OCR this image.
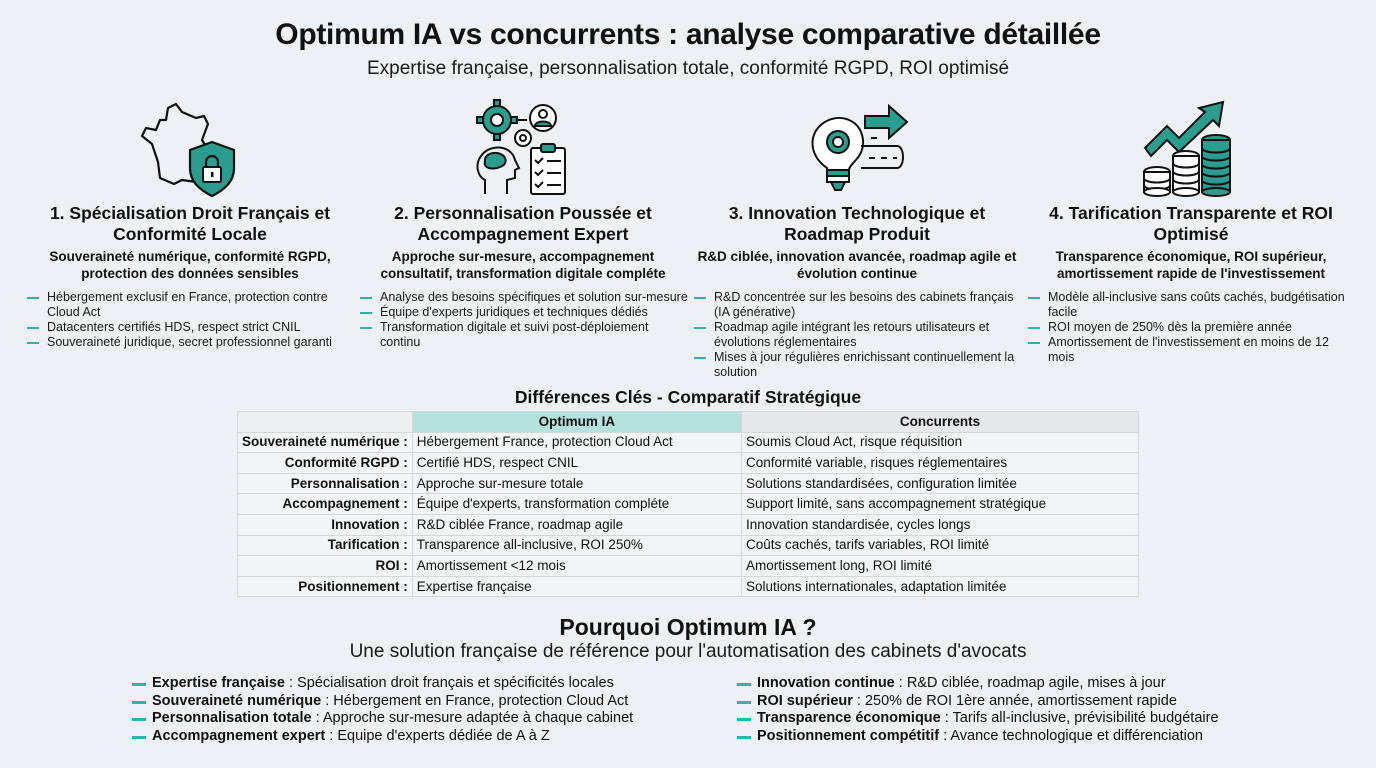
Optimum IA vs concurrents : analyse comparative détaillée
Expertise française, personnalisation totale, conformité RGPD, ROI optimisé
1. Spécialisation Droit Français et Conformité Locale
Souveraineté numérique, conformité RGPD, protection des données sensibles
Hébergement exclusif en France, protection contre Cloud Act
Datacenters certifiés HDS, respect strict CNIL
Souveraineté juridique, secret professionnel garanti
2. Personnalisation Poussée et Accompagnement Expert
Approche sur-mesure, accompagnement consultatif, transformation digitale compléte
Analyse des besoins spécifiques et solution sur-mesure
Équipe d'experts juridiques et techniques dédiés
Transformation digitale et suivi post-déploiement continu
3. Innovation Technologique et Roadmap Produit
R&D ciblée, innovation avancée, roadmap agile et évolution continue
R&D concentrée sur les besoins des cabinets français (IA générative)
Roadmap agile intégrant les retours utilisateurs et évolutions réglementaires
Mises à jour régulières enrichissant continuellement la solution
4. Tarification Transparente et ROI Optimisé
Transparence économique, ROI supérieur, amortissement rapide de l'investissement
Modèle all-inclusive sans coûts cachés, budgétisation facile
ROI moyen de 250% dès la première année
Amortissement de l'investissement en moins de 12 mois
Différences Clés - Comparatif Stratégique
	Optimum IA	Concurrents
Souveraineté numérique :	Hébergement France, protection Cloud Act	Soumis Cloud Act, risque réquisition
Conformité RGPD :	Certifié HDS, respect CNIL	Conformité variable, risques réglementaires
Personnalisation :	Approche sur-mesure totale	Solutions standardisées, configuration limitée
Accompagnement :	Équipe d'experts, transformation compléte	Support limité, sans accompagnement stratégique
Innovation :	R&D ciblée France, roadmap agile	Innovation standardisée, cycles longs
Tarification :	Transparence all-inclusive, ROI 250%	Coûts cachés, tarifs variables, ROI limité
ROI :	Amortissement <12 mois	Amortissement long, ROI limité
Positionnement :	Expertise française	Solutions internationales, adaptation limitée
Pourquoi Optimum IA ?
Une solution française de référence pour l'automatisation des cabinets d'avocats
Expertise française : Spécialisation droit français et spécificités locales
Souveraineté numérique : Hébergement en France, protection Cloud Act
Personnalisation totale : Approche sur-mesure adaptée à chaque cabinet
Accompagnement expert : Equipe d'experts dédiée de A à Z
Innovation continue : R&D ciblée, roadmap agile, mises à jour
ROI supérieur : 250% de ROI 1ère année, amortissement rapide
Transparence économique : Tarifs all-inclusive, prévisibilité budgétaire
Positionnement compétitif : Avance technologique et différenciation
